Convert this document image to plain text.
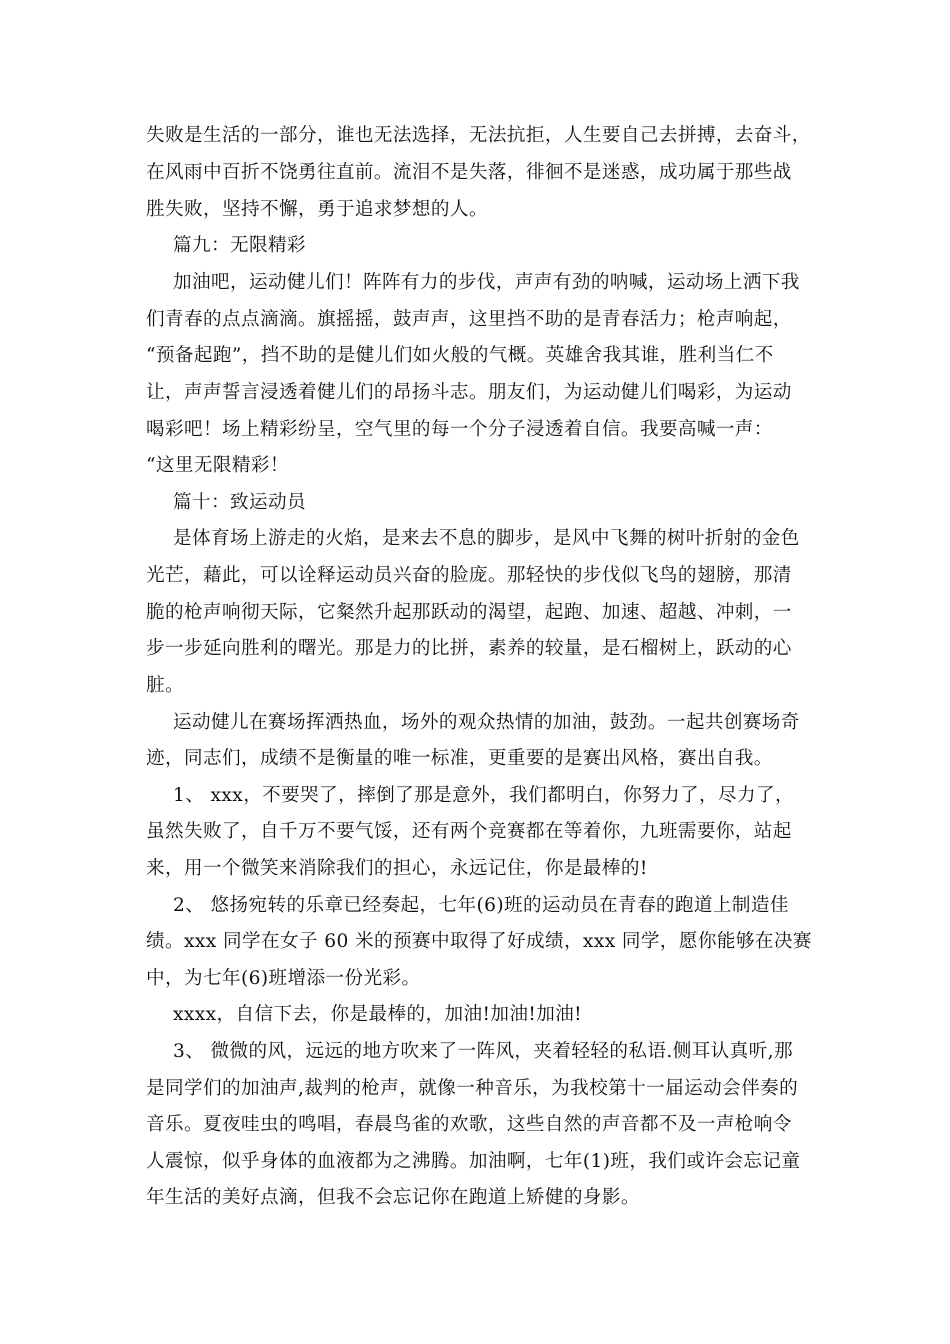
失败是生活的一部分，谁也无法选择，无法抗拒，人生要自己去拼搏，去奋斗，
在风雨中百折不饶勇往直前。流泪不是失落，徘徊不是迷惑，成功属于那些战
胜失败，坚持不懈，勇于追求梦想的人。
篇九：无限精彩
加油吧，运动健儿们！阵阵有力的步伐，声声有劲的呐喊，运动场上洒下我
们青春的点点滴滴。旗摇摇，鼓声声，这里挡不助的是青春活力；枪声响起，
“预备起跑”，挡不助的是健儿们如火般的气概。英雄舍我其谁，胜利当仁不
让，声声誓言浸透着健儿们的昂扬斗志。朋友们，为运动健儿们喝彩，为运动
喝彩吧！场上精彩纷呈，空气里的每一个分子浸透着自信。我要高喊一声：
“这里无限精彩！
篇十：致运动员
是体育场上游走的火焰，是来去不息的脚步，是风中飞舞的树叶折射的金色
光芒，藉此，可以诠释运动员兴奋的脸庞。那轻快的步伐似飞鸟的翅膀，那清
脆的枪声响彻天际，它粲然升起那跃动的渴望，起跑、加速、超越、冲刺，一
步一步延向胜利的曙光。那是力的比拼，素养的较量，是石榴树上，跃动的心
脏。
运动健儿在赛场挥洒热血，场外的观众热情的加油，鼓劲。一起共创赛场奇
迹，同志们，成绩不是衡量的唯一标准，更重要的是赛出风格，赛出自我。
1、 xxx，不要哭了，摔倒了那是意外，我们都明白，你努力了，尽力了，
虽然失败了，自千万不要气馁，还有两个竞赛都在等着你，九班需要你，站起
来，用一个微笑来消除我们的担心，永远记住，你是最棒的!
2、 悠扬宛转的乐章已经奏起，七年(6)班的运动员在青春的跑道上制造佳
绩。xxx 同学在女子 60 米的预赛中取得了好成绩，xxx 同学，愿你能够在决赛
中，为七年(6)班增添一份光彩。
xxxx，自信下去，你是最棒的，加油!加油!加油!
3、 微微的风，远远的地方吹来了一阵风，夹着轻轻的私语.侧耳认真听,那
是同学们的加油声,裁判的枪声，就像一种音乐，为我校第十一届运动会伴奏的
音乐。夏夜哇虫的鸣唱，春晨鸟雀的欢歌，这些自然的声音都不及一声枪响令
人震惊，似乎身体的血液都为之沸腾。加油啊，七年(1)班，我们或许会忘记童
年生活的美好点滴，但我不会忘记你在跑道上矫健的身影。
